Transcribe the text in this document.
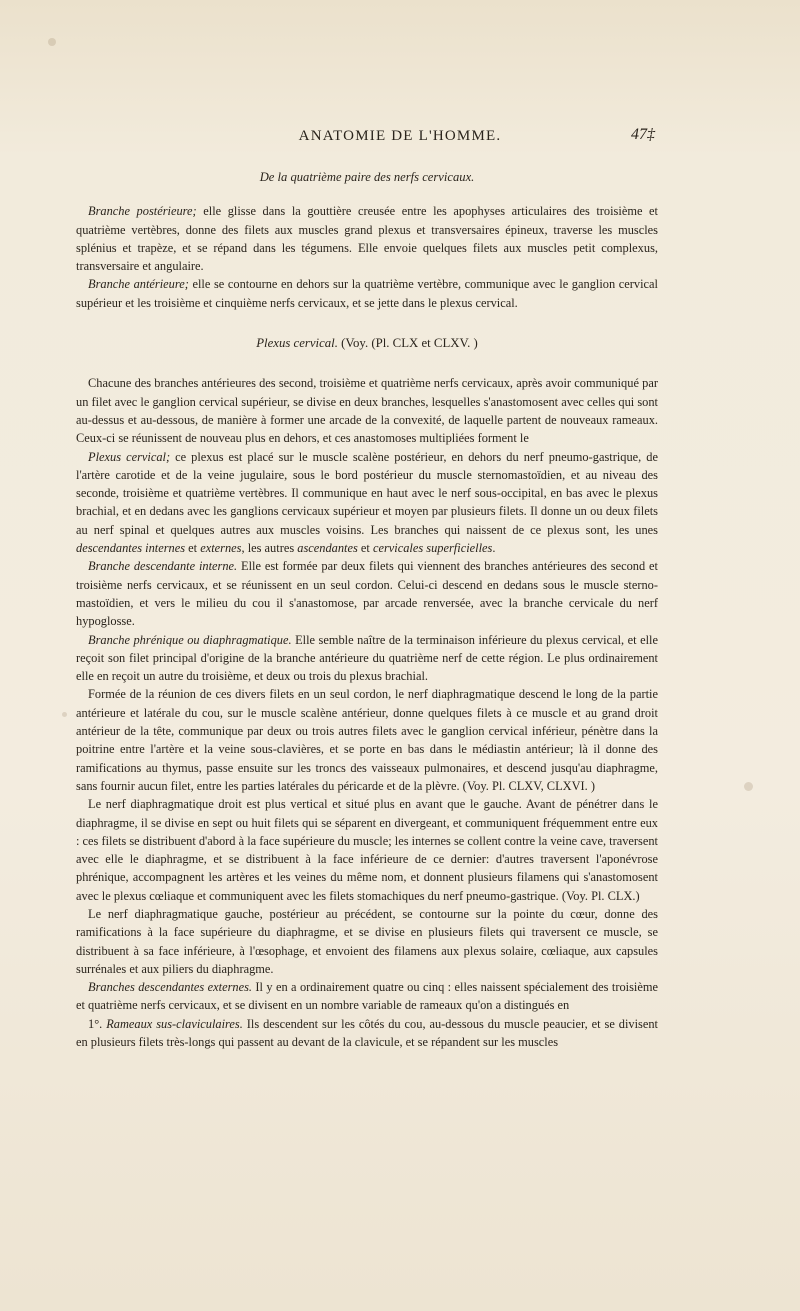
ANATOMIE DE L'HOMME.	47‡
De la quatrième paire des nerfs cervicaux.

Branche postérieure; elle glisse dans la gouttière creusée entre les apophyses articulaires des troisième et quatrième vertèbres, donne des filets aux muscles grand plexus et transversaires épineux, traverse les muscles splénius et trapèze, et se répand dans les tégumens. Elle envoie quelques filets aux muscles petit complexus, transversaire et angulaire.

Branche antérieure; elle se contourne en dehors sur la quatrième vertèbre, communique avec le ganglion cervical supérieur et les troisième et cinquième nerfs cervicaux, et se jette dans le plexus cervical.

Plexus cervical. (Voy. (Pl. CLX et CLXV. )

Chacune des branches antérieures des second, troisième et quatrième nerfs cervicaux, après avoir communiqué par un filet avec le ganglion cervical supérieur, se divise en deux branches, lesquelles s'anastomosent avec celles qui sont au-dessus et au-dessous, de manière à former une arcade de la convexité, de laquelle partent de nouveaux rameaux. Ceux-ci se réunissent de nouveau plus en dehors, et ces anastomoses multipliées forment le

Plexus cervical; ce plexus est placé sur le muscle scalène postérieur, en dehors du nerf pneumo-gastrique, de l'artère carotide et de la veine jugulaire, sous le bord postérieur du muscle sternomastoïdien, et au niveau des seconde, troisième et quatrième vertèbres. Il communique en haut avec le nerf sous-occipital, en bas avec le plexus brachial, et en dedans avec les ganglions cervicaux supérieur et moyen par plusieurs filets. Il donne un ou deux filets au nerf spinal et quelques autres aux muscles voisins. Les branches qui naissent de ce plexus sont, les unes descendantes internes et externes, les autres ascendantes et cervicales superficielles.

Branche descendante interne. Elle est formée par deux filets qui viennent des branches antérieures des second et troisième nerfs cervicaux, et se réunissent en un seul cordon. Celui-ci descend en dedans sous le muscle sterno-mastoïdien, et vers le milieu du cou il s'anastomose, par arcade renversée, avec la branche cervicale du nerf hypoglosse.

Branche phrénique ou diaphragmatique. Elle semble naître de la terminaison inférieure du plexus cervical, et elle reçoit son filet principal d'origine de la branche antérieure du quatrième nerf de cette région. Le plus ordinairement elle en reçoit un autre du troisième, et deux ou trois du plexus brachial.

Formée de la réunion de ces divers filets en un seul cordon, le nerf diaphragmatique descend le long de la partie antérieure et latérale du cou, sur le muscle scalène antérieur, donne quelques filets à ce muscle et au grand droit antérieur de la tête, communique par deux ou trois autres filets avec le ganglion cervical inférieur, pénètre dans la poitrine entre l'artère et la veine sous-clavières, et se porte en bas dans le médiastin antérieur; là il donne des ramifications au thymus, passe ensuite sur les troncs des vaisseaux pulmonaires, et descend jusqu'au diaphragme, sans fournir aucun filet, entre les parties latérales du péricarde et de la plèvre. (Voy. Pl. CLXV, CLXVI. )

Le nerf diaphragmatique droit est plus vertical et situé plus en avant que le gauche. Avant de pénétrer dans le diaphragme, il se divise en sept ou huit filets qui se séparent en divergeant, et communiquent fréquemment entre eux : ces filets se distribuent d'abord à la face supérieure du muscle; les internes se collent contre la veine cave, traversent avec elle le diaphragme, et se distribuent à la face inférieure de ce dernier: d'autres traversent l'aponévrose phrénique, accompagnent les artères et les veines du même nom, et donnent plusieurs filamens qui s'anastomosent avec le plexus cœliaque et communiquent avec les filets stomachiques du nerf pneumo-gastrique. (Voy. Pl. CLX.)

Le nerf diaphragmatique gauche, postérieur au précédent, se contourne sur la pointe du cœur, donne des ramifications à la face supérieure du diaphragme, et se divise en plusieurs filets qui traversent ce muscle, se distribuent à sa face inférieure, à l'œsophage, et envoient des filamens aux plexus solaire, cœliaque, aux capsules surrénales et aux piliers du diaphragme.

Branches descendantes externes. Il y en a ordinairement quatre ou cinq : elles naissent spécialement des troisième et quatrième nerfs cervicaux, et se divisent en un nombre variable de rameaux qu'on a distingués en

1°. Rameaux sus-claviculaires. Ils descendent sur les côtés du cou, au-dessous du muscle peaucier, et se divisent en plusieurs filets très-longs qui passent au devant de la clavicule, et se répandent sur les muscles
